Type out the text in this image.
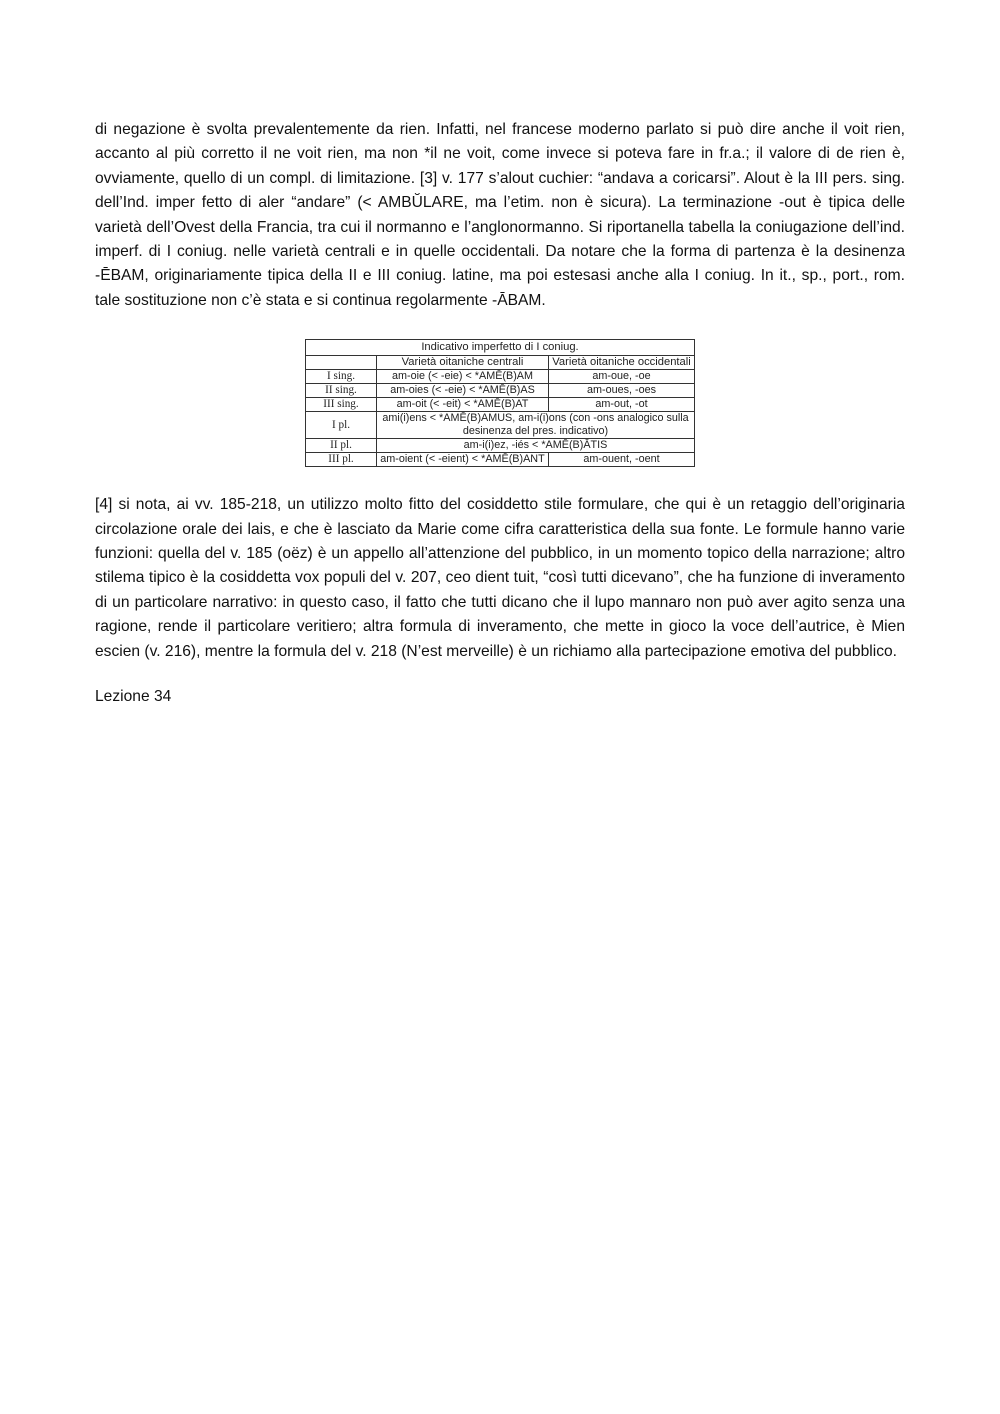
di negazione è svolta prevalentemente da rien. Infatti, nel francese moderno parlato si può dire anche il voit rien, accanto al più corretto il ne voit rien, ma non *il ne voit, come invece si poteva fare in fr.a.; il valore di de rien è, ovviamente, quello di un compl. di limitazione. [3] v. 177 s’alout cuchier: “andava a coricarsi”. Alout è la III pers. sing. dell’Ind. imper fetto di aler “andare” (< AMBŬLARE, ma l’etim. non è sicura). La terminazione -out è tipica delle varietà dell’Ovest della Francia, tra cui il normanno e l’anglonormanno. Si riportanella tabella la coniugazione dell’ind. imperf. di I coniug. nelle varietà centrali e in quelle occidentali. Da notare che la forma di partenza è la desinenza -ĒBAM, originariamente tipica della II e III coniug. latine, ma poi estesasi anche alla I coniug. In it., sp., port., rom. tale sostituzione non c’è stata e si continua regolarmente -ĀBAM.

Indicativo imperfetto di I coniug.		
	Varietà oitaniche centrali	Varietà oitaniche occidentali
I sing.	am-oie (< -eie) < *AMĒ(B)AM	am-oue, -oe
II sing.	am-oies (< -eie) < *AMĒ(B)AS	am-oues, -oes
III sing.	am-oit (< -eit) < *AMĒ(B)AT	am-out, -ot
I pl.	ami(i)ens < *AMĒ(B)AMUS, am-i(i)ons (con -ons analogico sulla desinenza del pres. indicativo)	
II pl.	am-i(i)ez, -iés < *AMĒ(B)ĀTIS	
III pl.	am-oient (< -eient) < *AMĒ(B)ANT	am-ouent, -oent

[4] si nota, ai vv. 185-218, un utilizzo molto fitto del cosiddetto stile formulare, che qui è un retaggio dell’originaria circolazione orale dei lais, e che è lasciato da Marie come cifra caratteristica della sua fonte. Le formule hanno varie funzioni: quella del v. 185 (oëz) è un appello all’attenzione del pubblico, in un momento topico della narrazione; altro stilema tipico è la cosiddetta vox populi del v. 207, ceo dient tuit, “così tutti dicevano”, che ha funzione di inveramento di un particolare narrativo: in questo caso, il fatto che tutti dicano che il lupo mannaro non può aver agito senza una ragione, rende il particolare veritiero; altra formula di inveramento, che mette in gioco la voce dell’autrice, è Mien escien (v. 216), mentre la formula del v. 218 (N’est merveille) è un richiamo alla partecipazione emotiva del pubblico.

Lezione 34
